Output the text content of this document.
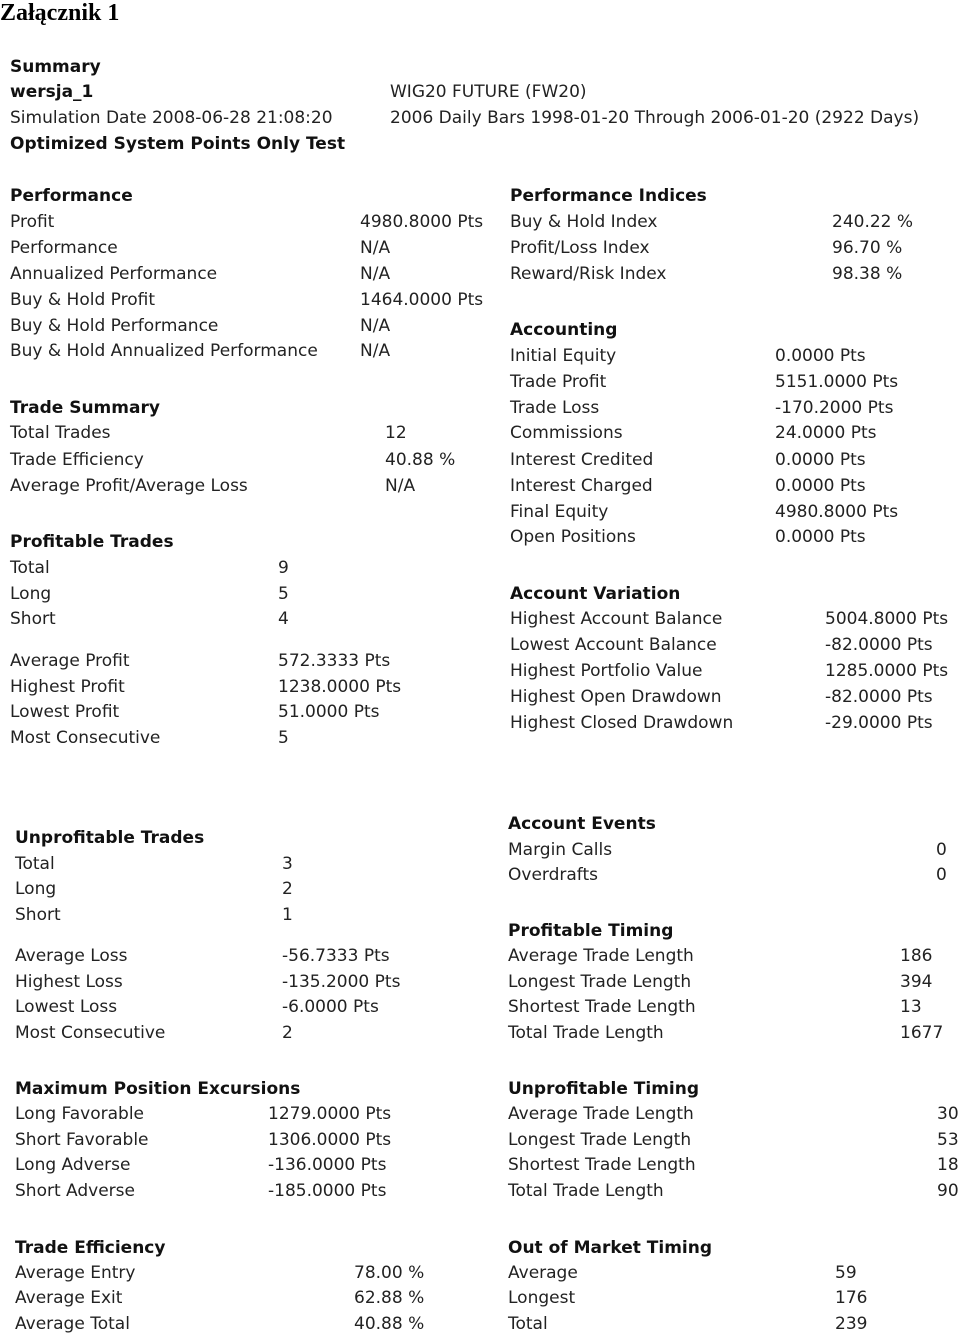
Załącznik 1
Summary
wersja_1	WIG20 FUTURE (FW20)
Simulation Date 2008-06-28 21:08:20	2006 Daily Bars 1998-01-20 Through 2006-01-20 (2922 Days)
Optimized System Points Only Test
Performance
Profit	4980.8000 Pts
Performance	N/A
Annualized Performance	N/A
Buy & Hold Profit	1464.0000 Pts
Buy & Hold Performance	N/A
Buy & Hold Annualized Performance N/A
Performance Indices
Buy & Hold Index	240.22 %
Profit/Loss Index	96.70 %
Reward/Risk Index	98.38 %
Trade Summary
Total Trades	12
Trade Efficiency	40.88 %
Average Profit/Average Loss	N/A
Accounting
Initial Equity	0.0000 Pts
Trade Profit	5151.0000 Pts
Trade Loss	-170.2000 Pts
Commissions	24.0000 Pts
Interest Credited	0.0000 Pts
Interest Charged	0.0000 Pts
Final Equity	4980.8000 Pts
Open Positions	0.0000 Pts
Profitable Trades
Total	9
Long	5
Short	4
Average Profit	572.3333 Pts
Highest Profit	1238.0000 Pts
Lowest Profit	51.0000 Pts
Most Consecutive	5
Account Variation
Highest Account Balance	5004.8000 Pts
Lowest Account Balance	-82.0000 Pts
Highest Portfolio Value	1285.0000 Pts
Highest Open Drawdown	-82.0000 Pts
Highest Closed Drawdown	-29.0000 Pts
Unprofitable Trades
Total	3
Long	2
Short	1
Average Loss	-56.7333 Pts
Highest Loss	-135.2000 Pts
Lowest Loss	-6.0000 Pts
Most Consecutive	2
Account Events
Margin Calls	0
Overdrafts	0
Profitable Timing
Average Trade Length	186
Longest Trade Length	394
Shortest Trade Length	13
Total Trade Length	1677
Maximum Position Excursions
Long Favorable	1279.0000 Pts
Short Favorable	1306.0000 Pts
Long Adverse	-136.0000 Pts
Short Adverse	-185.0000 Pts
Unprofitable Timing
Average Trade Length	30
Longest Trade Length	53
Shortest Trade Length	18
Total Trade Length	90
Trade Efficiency
Average Entry	78.00 %
Average Exit	62.88 %
Average Total	40.88 %
Out of Market Timing
Average	59
Longest	176
Total	239
